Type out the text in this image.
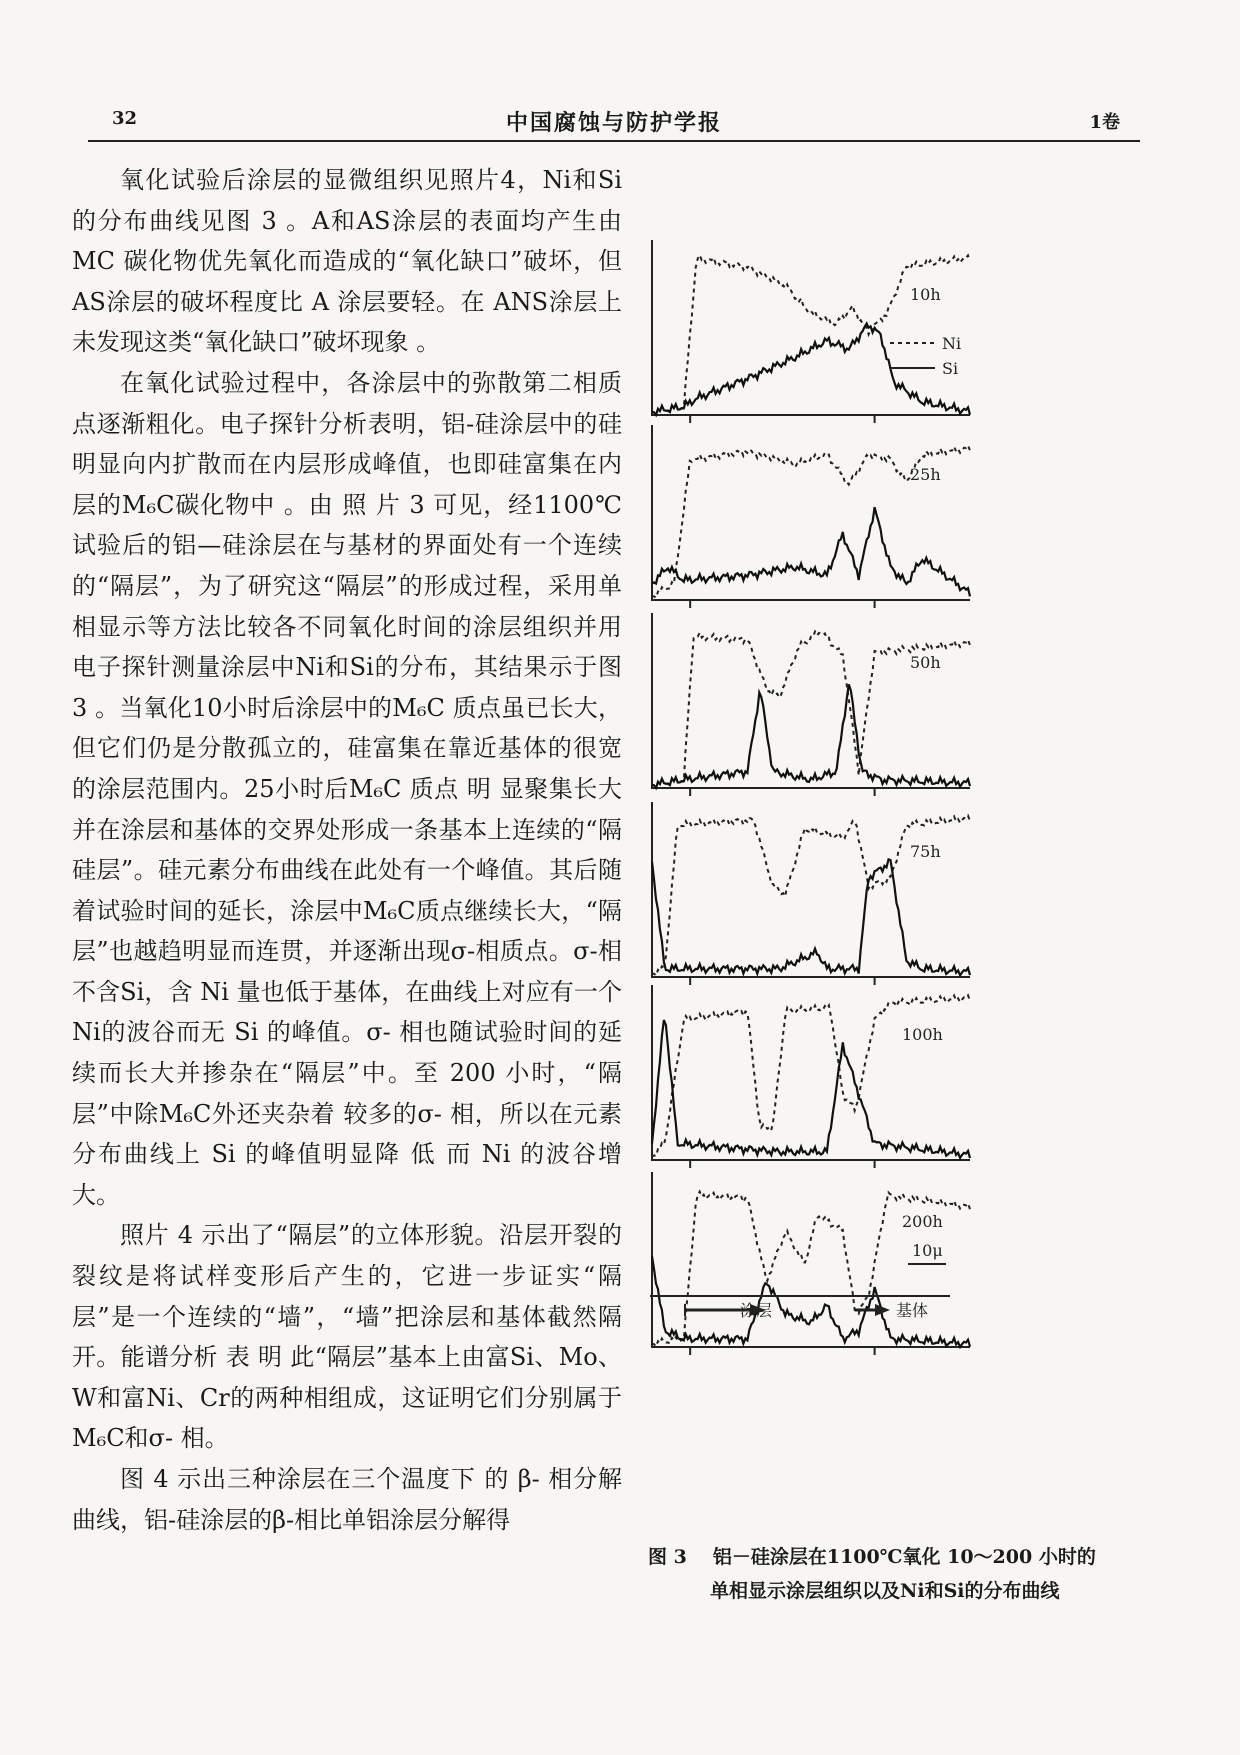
32	中国腐蚀与防护学报	1卷

氧化试验后涂层的显微组织见照片4，Ni和Si 的分布曲线见图 3 。A和AS涂层的表面均产生由 MC 碳化物优先氧化而造成的“氧化缺口”破坏，但AS涂层的破坏程度比 A 涂层要轻。在 ANS涂层上未发现这类“氧化缺口”破坏现象 。

在氧化试验过程中，各涂层中的弥散第二相质点逐渐粗化。电子探针分析表明，铝-硅涂层中的硅明显向内扩散而在内层形成峰值，也即硅富集在内层的M₆C碳化物中 。由 照 片 3 可见，经1100℃试验后的铝—硅涂层在与基材的界面处有一个连续的“隔层”，为了研究这“隔层”的形成过程，采用单相显示等方法比较各不同氧化时间的涂层组织并用电子探针测量涂层中Ni和Si的分布，其结果示于图 3 。当氧化10小时后涂层中的M₆C 质点虽已长大，但它们仍是分散孤立的，硅富集在靠近基体的很宽的涂层范围内。25小时后M₆C 质点 明 显聚集长大并在涂层和基体的交界处形成一条基本上连续的“隔硅层”。硅元素分布曲线在此处有一个峰值。其后随着试验时间的延长，涂层中M₆C质点继续长大，“隔层”也越趋明显而连贯，并逐渐出现σ-相质点。σ-相不含Si，含 Ni 量也低于基体，在曲线上对应有一个 Ni的波谷而无 Si 的峰值。σ- 相也随试验时间的延续而长大并掺杂在“隔层”中。至 200 小时，“隔层”中除M₆C外还夹杂着 较多的σ- 相，所以在元素分布曲线上 Si 的峰值明显降 低 而 Ni 的波谷增大。

照片 4 示出了“隔层”的立体形貌。沿层开裂的裂纹是将试样变形后产生的，它进一步证实“隔层”是一个连续的“墙”，“墙”把涂层和基体截然隔开。能谱分析 表 明 此“隔层”基本上由富Si、Mo、W和富Ni、Cr的两种相组成，这证明它们分别属于M₆C和σ- 相。

图 4 示出三种涂层在三个温度下 的 β- 相分解曲线，铝-硅涂层的β-相比单铝涂层分解得

10h
25h
50h
75h
100h
200h
Ni
Si
10μ
涂层	基体
图 3 铝－硅涂层在1100℃氧化 10～200 小时的
单相显示涂层组织以及Ni和Si的分布曲线
